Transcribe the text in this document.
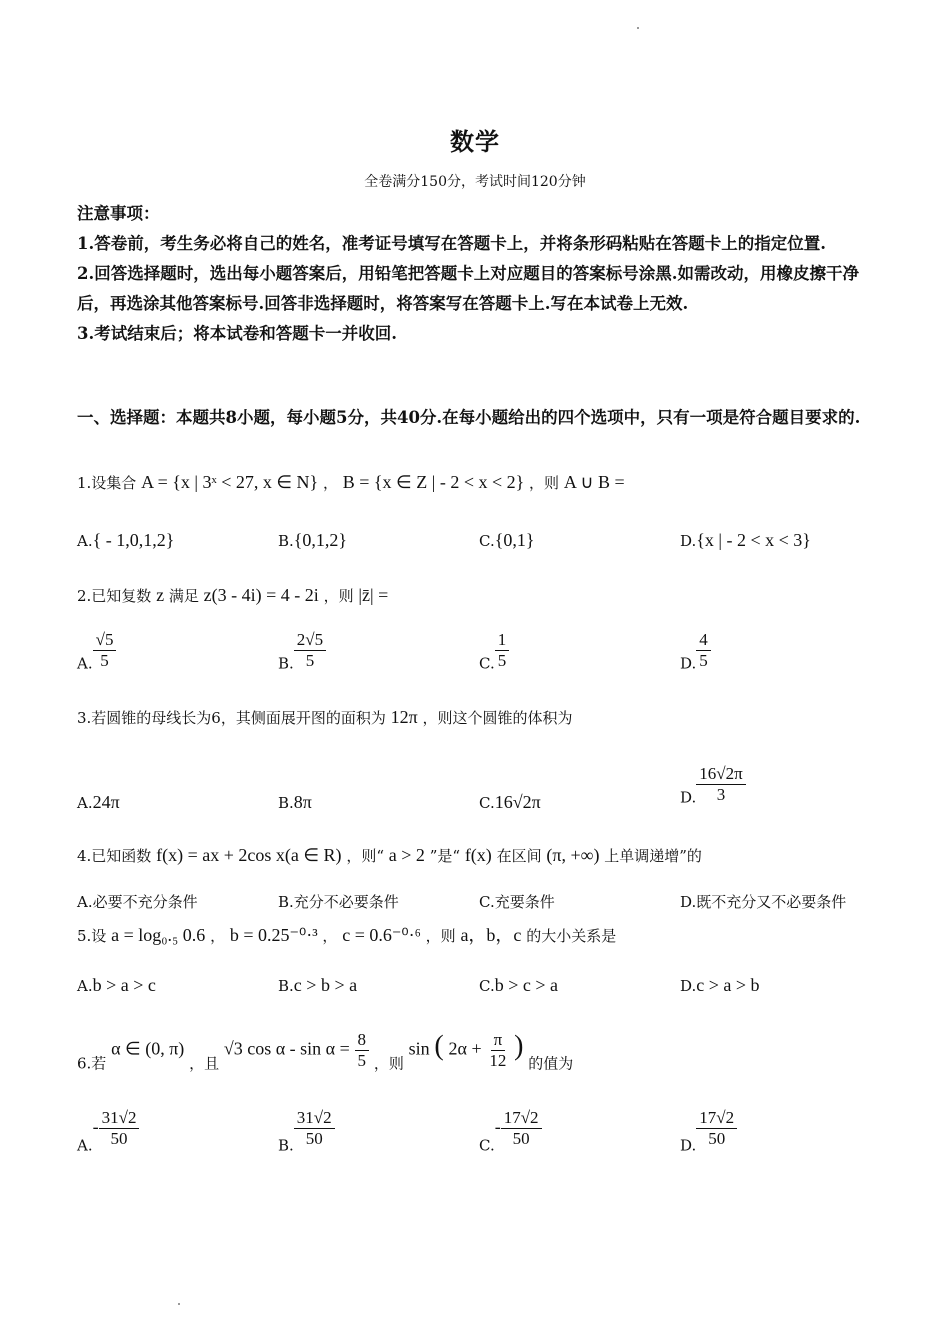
数学
全卷满分150分，考试时间120分钟
注意事项：
1.答卷前，考生务必将自己的姓名，准考证号填写在答题卡上，并将条形码粘贴在答题卡上的指定位置.
2.回答选择题时，选出每小题答案后，用铅笔把答题卡上对应题目的答案标号涂黑.如需改动，用橡皮擦干净后，再选涂其他答案标号.回答非选择题时，将答案写在答题卡上.写在本试卷上无效.
3.考试结束后；将本试卷和答题卡一并收回.
一、选择题：本题共8小题，每小题5分，共40分.在每小题给出的四个选项中，只有一项是符合题目要求的.
1.设集合 A = {x | 3ˣ < 27, x ∈ N} ， B = {x ∈ Z | - 2 < x < 2} ，则 A ∪ B =
A.{ - 1,0,1,2}	B.{0,1,2}	C.{0,1}	D.{x | - 2 < x < 3}
2.已知复数 z 满足 z(3 - 4i) = 4 - 2i ，则 |z̄| =
A. $\frac{√5}{5}$	B. $\frac{2√5}{5}$	C. $\frac{1}{5}$	D. $\frac{4}{5}$
3.若圆锥的母线长为6，其侧面展开图的面积为 12π ，则这个圆锥的体积为
A.24π	B.8π	C.16√2π	D. $\frac{16√2\pi}{3}$
4.已知函数 f(x) = ax + 2cos x(a ∈ R) ，则“ a > 2 ”是“ f(x) 在区间 (π, +∞) 上单调递增”的
A.必要不充分条件	B.充分不必要条件	C.充要条件	D.既不充分又不必要条件
5.设 a = log₀.₅ 0.6 ， b = 0.25⁻⁰·³ ， c = 0.6⁻⁰·⁶ ，则 a，b，c 的大小关系是
A.b > a > c	B.c > b > a	C.b > c > a	D.c > a > b
6.若 α ∈ (0, π) ，且 √3 $\cos \alpha - \sin \alpha = \frac{8}{5}$ ，则 sin ( $2\alpha + \frac{\pi}{12}$ ) 的值为
$A.- \frac{31√2}{50}$	B. $\frac{31√2}{50}$	$C.- \frac{17√2}{50}$	D. $\frac{17√2}{50}$
